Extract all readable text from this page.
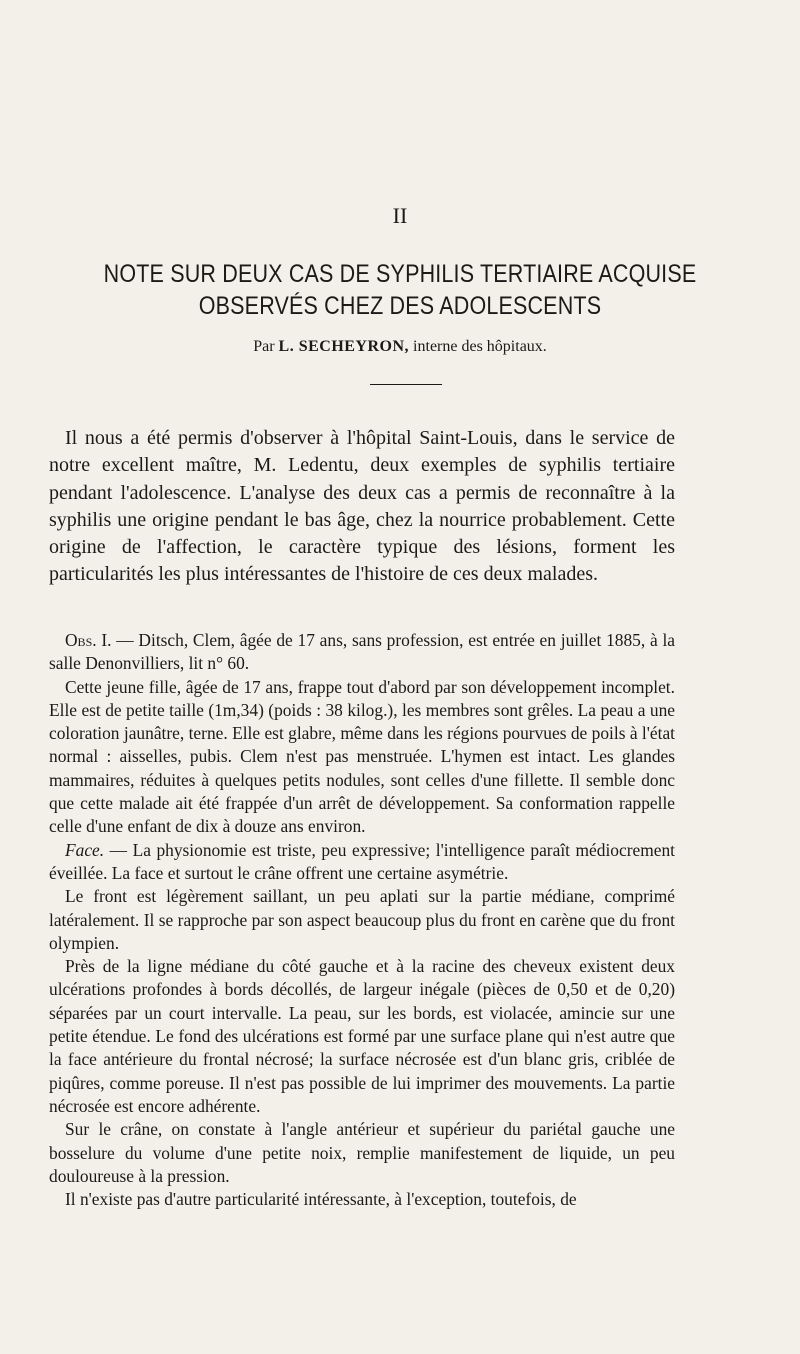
II
NOTE SUR DEUX CAS DE SYPHILIS TERTIAIRE ACQUISE
OBSERVÉS CHEZ DES ADOLESCENTS
Par L. SECHEYRON, interne des hôpitaux.

Il nous a été permis d'observer à l'hôpital Saint-Louis, dans le service de notre excellent maître, M. Ledentu, deux exemples de syphilis tertiaire pendant l'adolescence. L'analyse des deux cas a permis de reconnaître à la syphilis une origine pendant le bas âge, chez la nourrice probablement. Cette origine de l'affection, le caractère typique des lésions, forment les particularités les plus intéressantes de l'histoire de ces deux malades.

Obs. I. — Ditsch, Clem, âgée de 17 ans, sans profession, est entrée en juillet 1885, à la salle Denonvilliers, lit n° 60.

Cette jeune fille, âgée de 17 ans, frappe tout d'abord par son développement incomplet. Elle est de petite taille (1m,34) (poids : 38 kilog.), les membres sont grêles. La peau a une coloration jaunâtre, terne. Elle est glabre, même dans les régions pourvues de poils à l'état normal : aisselles, pubis. Clem n'est pas menstruée. L'hymen est intact. Les glandes mammaires, réduites à quelques petits nodules, sont celles d'une fillette. Il semble donc que cette malade ait été frappée d'un arrêt de développement. Sa conformation rappelle celle d'une enfant de dix à douze ans environ.

Face. — La physionomie est triste, peu expressive; l'intelligence paraît médiocrement éveillée. La face et surtout le crâne offrent une certaine asymétrie.

Le front est légèrement saillant, un peu aplati sur la partie médiane, comprimé latéralement. Il se rapproche par son aspect beaucoup plus du front en carène que du front olympien.

Près de la ligne médiane du côté gauche et à la racine des cheveux existent deux ulcérations profondes à bords décollés, de largeur inégale (pièces de 0,50 et de 0,20) séparées par un court intervalle. La peau, sur les bords, est violacée, amincie sur une petite étendue. Le fond des ulcérations est formé par une surface plane qui n'est autre que la face antérieure du frontal nécrosé; la surface nécrosée est d'un blanc gris, criblée de piqûres, comme poreuse. Il n'est pas possible de lui imprimer des mouvements. La partie nécrosée est encore adhérente.

Sur le crâne, on constate à l'angle antérieur et supérieur du pariétal gauche une bosselure du volume d'une petite noix, remplie manifestement de liquide, un peu douloureuse à la pression.

Il n'existe pas d'autre particularité intéressante, à l'exception, toutefois, de
